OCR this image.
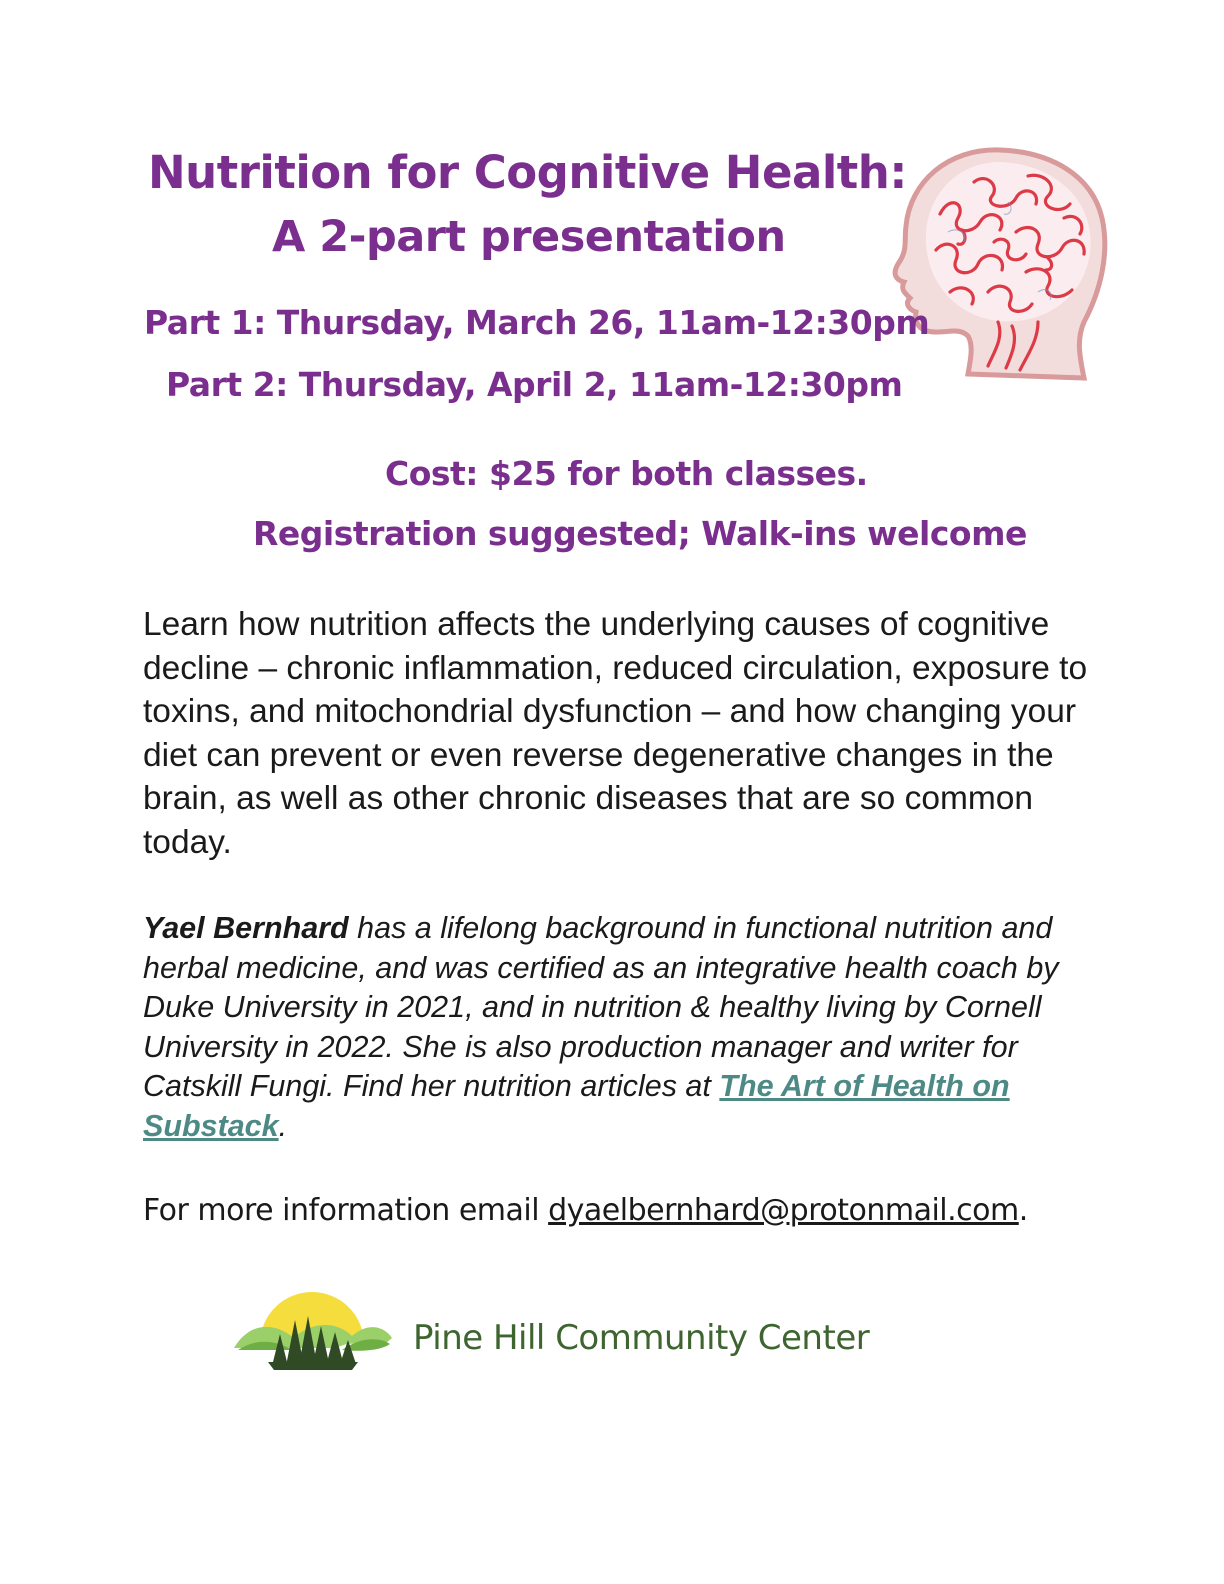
Nutrition for Cognitive Health:
A 2-part presentation
Part 1: Thursday, March 26, 11am-12:30pm
Part 2: Thursday, April 2, 11am-12:30pm
Cost: $25 for both classes.
Registration suggested; Walk-ins welcome

Learn how nutrition affects the underlying causes of cognitive decline – chronic inflammation, reduced circulation, exposure to toxins, and mitochondrial dysfunction – and how changing your diet can prevent or even reverse degenerative changes in the brain, as well as other chronic diseases that are so common today.

Yael Bernhard has a lifelong background in functional nutrition and herbal medicine, and was certified as an integrative health coach by Duke University in 2021, and in nutrition & healthy living by Cornell University in 2022. She is also production manager and writer for Catskill Fungi. Find her nutrition articles at The Art of Health on Substack.

For more information email dyaelbernhard@protonmail.com.

Pine Hill Community Center
